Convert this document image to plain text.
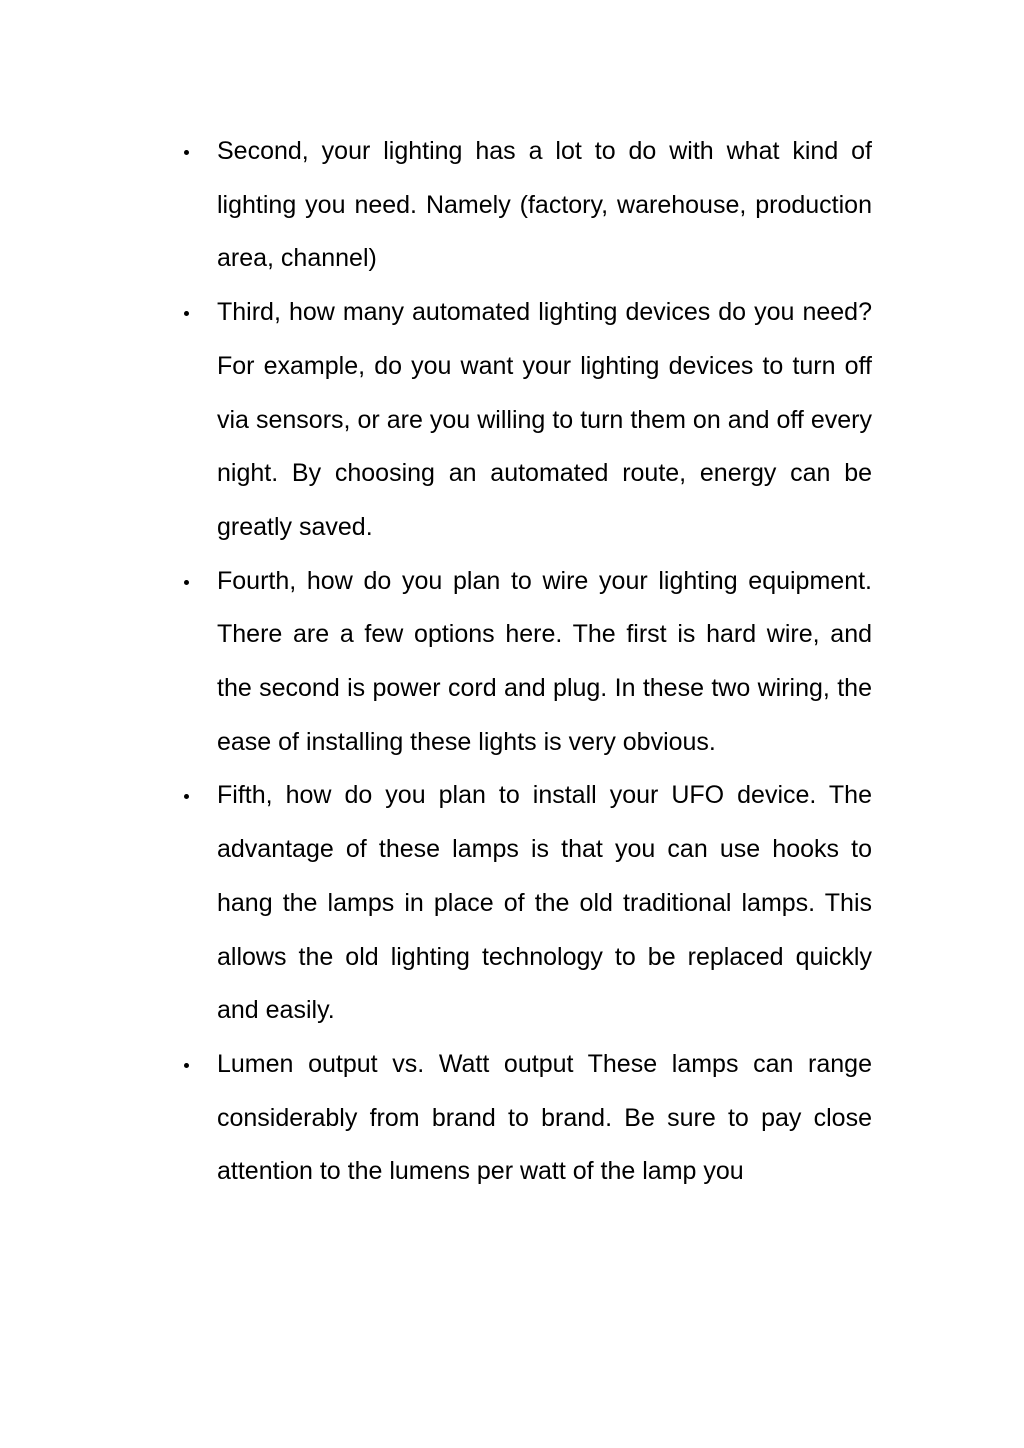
Second, your lighting has a lot to do with what kind of lighting you need. Namely (factory, warehouse, production area, channel)
Third, how many automated lighting devices do you need? For example, do you want your lighting devices to turn off via sensors, or are you willing to turn them on and off every night. By choosing an automated route, energy can be greatly saved.
Fourth, how do you plan to wire your lighting equipment. There are a few options here. The first is hard wire, and the second is power cord and plug. In these two wiring, the ease of installing these lights is very obvious.
Fifth, how do you plan to install your UFO device. The advantage of these lamps is that you can use hooks to hang the lamps in place of the old traditional lamps. This allows the old lighting technology to be replaced quickly and easily.
Lumen output vs. Watt output These lamps can range considerably from brand to brand. Be sure to pay close attention to the lumens per watt of the lamp you
